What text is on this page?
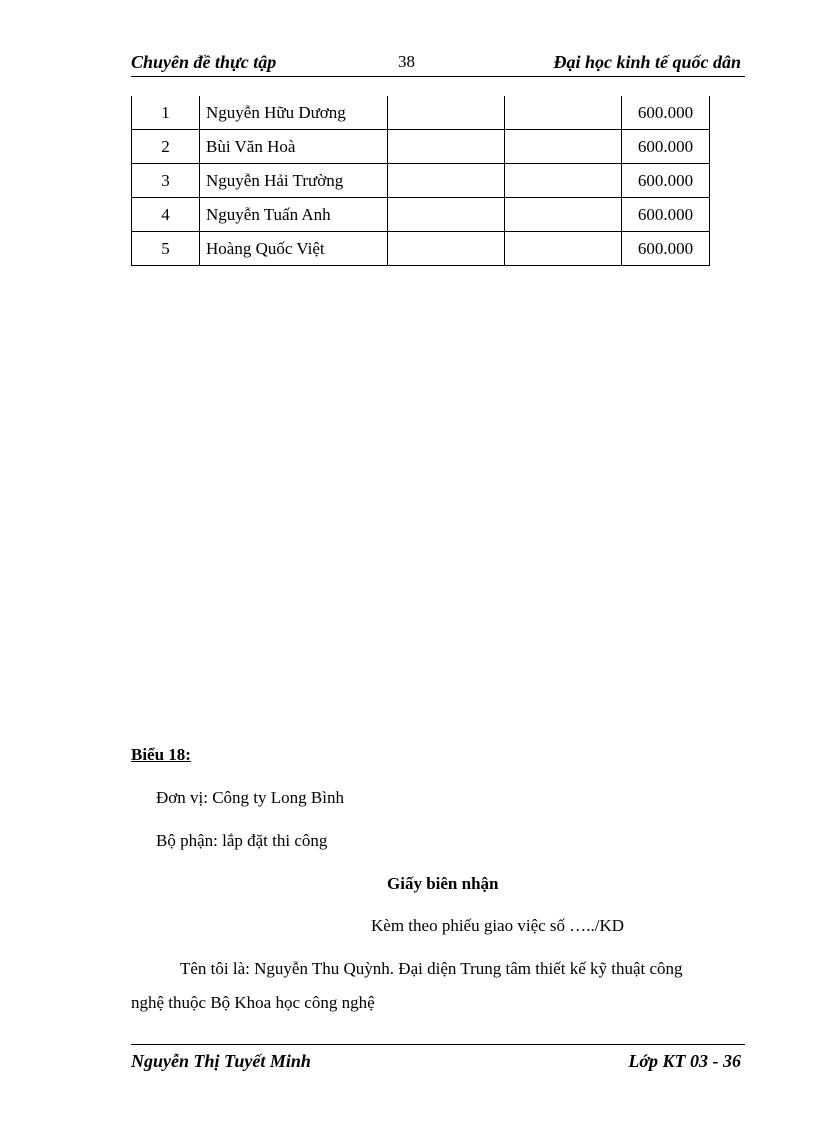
Chuyên đề thực tập	38	Đại học kinh tế quốc dân
1	Nguyễn Hữu Dương			600.000
2	Bùi Văn Hoà			600.000
3	Nguyễn Hải Trường			600.000
4	Nguyễn Tuấn Anh			600.000
5	Hoàng Quốc Việt			600.000
Biểu 18:
Đơn vị: Công ty Long Bình
Bộ phận: lắp đặt thi công
Giấy biên nhận
Kèm theo phiếu giao việc số …../KD
Tên tôi là: Nguyễn Thu Quỳnh. Đại diện Trung tâm thiết kế kỹ thuật công
nghệ thuộc Bộ Khoa học công nghệ
Nguyễn Thị Tuyết Minh	Lớp KT 03 - 36
